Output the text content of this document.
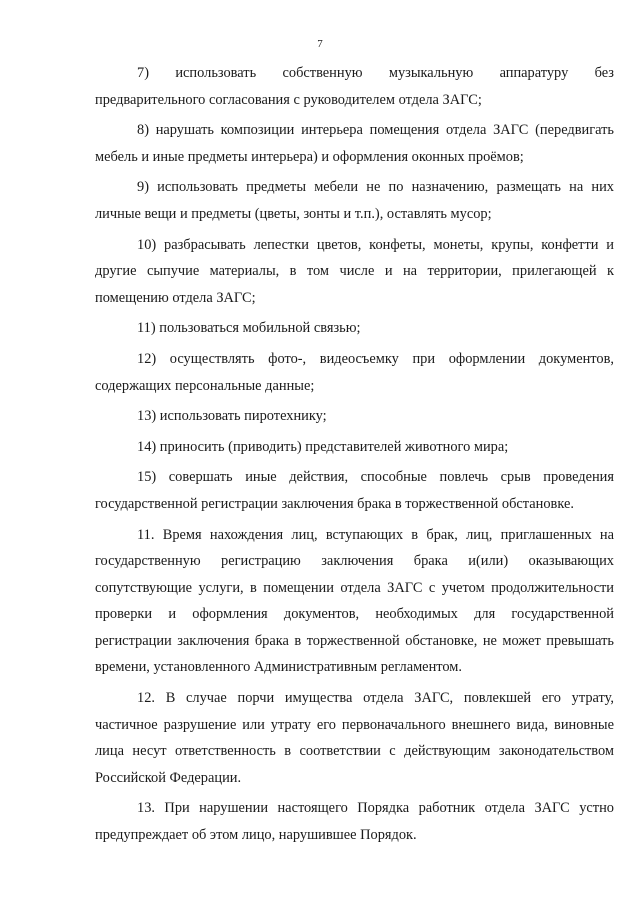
7

7) использовать собственную музыкальную аппаратуру без предварительного согласования с руководителем отдела ЗАГС;

8) нарушать композиции интерьера помещения отдела ЗАГС (передвигать мебель и иные предметы интерьера) и оформления оконных проёмов;

9) использовать предметы мебели не по назначению, размещать на них личные вещи и предметы (цветы, зонты и т.п.), оставлять мусор;

10) разбрасывать лепестки цветов, конфеты, монеты, крупы, конфетти и другие сыпучие материалы, в том числе и на территории, прилегающей к помещению отдела ЗАГС;

11) пользоваться мобильной связью;

12) осуществлять фото-, видеосъемку при оформлении документов, содержащих персональные данные;

13) использовать пиротехнику;

14) приносить (приводить) представителей животного мира;

15) совершать иные действия, способные повлечь срыв проведения государственной регистрации заключения брака в торжественной обстановке.

11. Время нахождения лиц, вступающих в брак, лиц, приглашенных на государственную регистрацию заключения брака и(или) оказывающих сопутствующие услуги, в помещении отдела ЗАГС с учетом продолжительности проверки и оформления документов, необходимых для государственной регистрации заключения брака в торжественной обстановке, не может превышать времени, установленного Административным регламентом.

12. В случае порчи имущества отдела ЗАГС, повлекшей его утрату, частичное разрушение или утрату его первоначального внешнего вида, виновные лица несут ответственность в соответствии с действующим законодательством Российской Федерации.

13. При нарушении настоящего Порядка работник отдела ЗАГС устно предупреждает об этом лицо, нарушившее Порядок.
